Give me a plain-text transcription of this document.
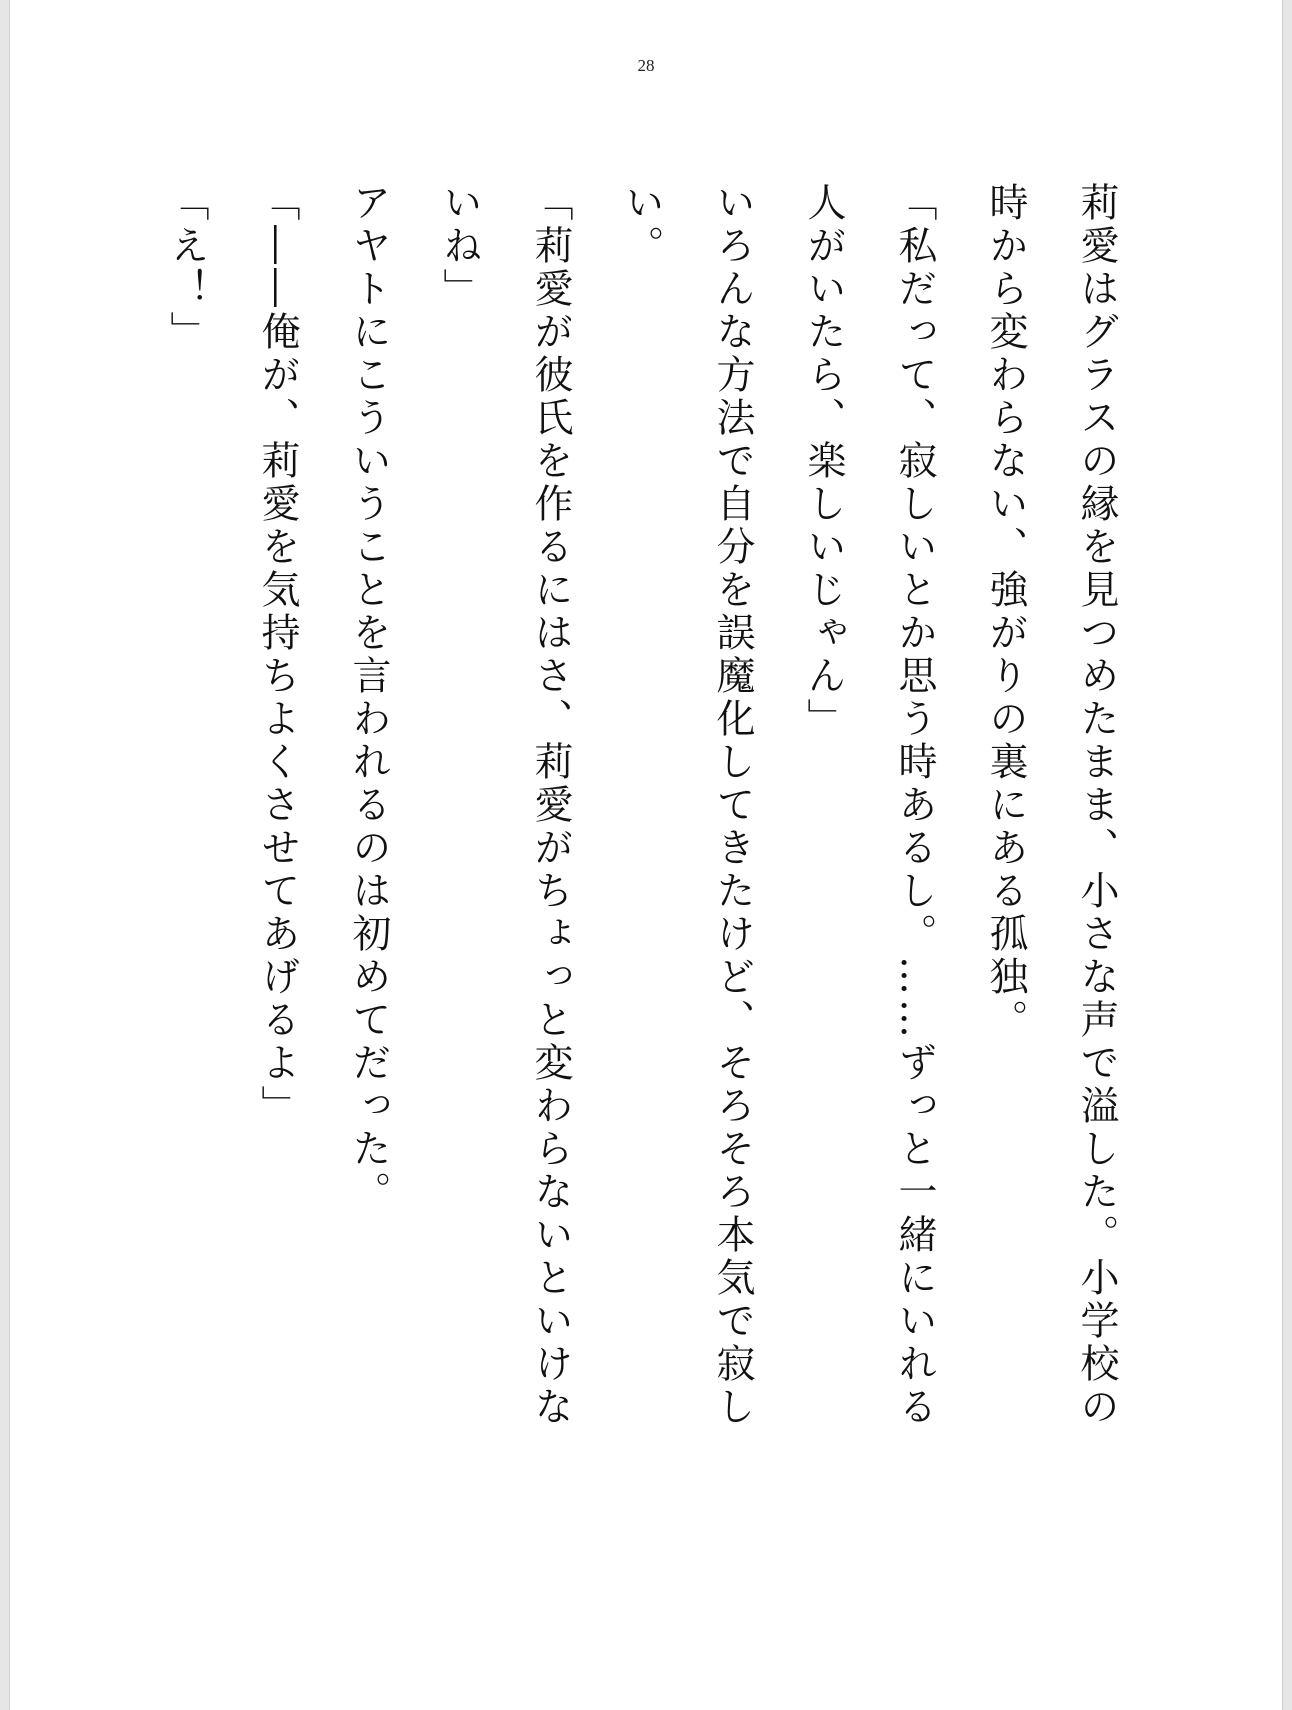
28

莉愛はグラスの縁を見つめたまま、小さな声で溢した。小学校の

時から変わらない、強がりの裏にある孤独。

「私だって、寂しいとか思う時あるし。……ずっと一緒にいれる

人がいたら、楽しいじゃん」

いろんな方法で自分を誤魔化してきたけど、そろそろ本気で寂し

い。

「莉愛が彼氏を作るにはさ、莉愛がちょっと変わらないといけな

いね」

アヤトにこういうことを言われるのは初めてだった。

「――俺が、莉愛を気持ちよくさせてあげるよ」

「え！」
